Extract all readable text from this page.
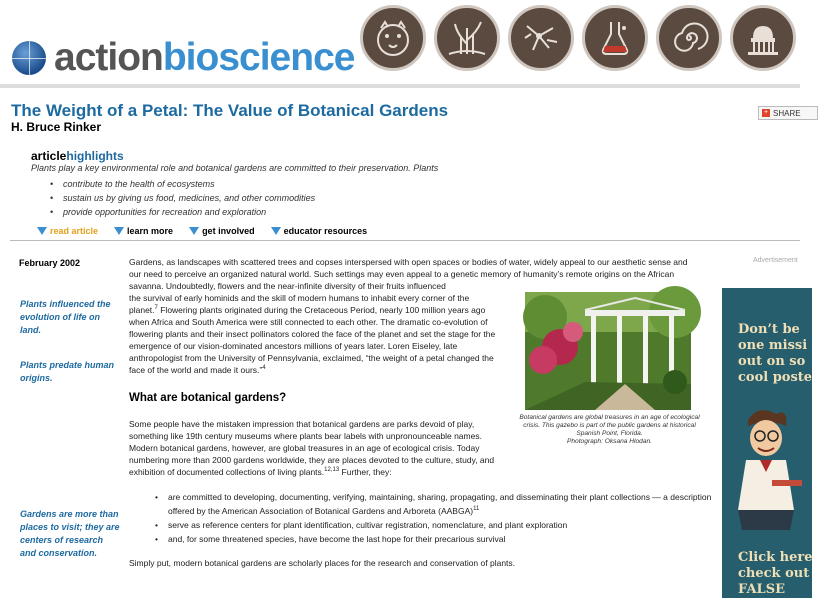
actionbioscience
The Weight of a Petal: The Value of Botanical Gardens
H. Bruce Rinker
+ SHARE
articlehighlights
Plants play a key environmental role and botanical gardens are committed to their preservation. Plants
• contribute to the health of ecosystems
• sustain us by giving us food, medicines, and other commodities
• provide opportunities for recreation and exploration
read article	learn more	get involved	educator resources
February 2002
Plants influenced the evolution of life on land.
Plants predate human origins.
Gardens are more than places to visit; they are centers of research and conservation.
Gardens, as landscapes with scattered trees and copses interspersed with open spaces or bodies of water, widely appeal to our aesthetic sense and our need to perceive an organized natural world. Such settings may even appeal to a genetic memory of humanity’s remote origins on the African savanna. Undoubtedly, flowers and the near-infinite diversity of their fruits influenced
the survival of early hominids and the skill of modern humans to inhabit every corner of the planet.$^7$ Flowering plants originated during the Cretaceous Period, nearly 100 million years ago when Africa and South America were still connected to each other. The dramatic co-evolution of flowering plants and their insect pollinators colored the face of the planet and set the stage for the emergence of our vision-dominated ancestors millions of years later. Loren Eiseley, late anthropologist from the University of Pennsylvania, exclaimed, “the weight of a petal changed the face of the world and made it ours.”$^4$
Botanical gardens are global treasures in an age of ecological crisis. This gazebo is part of the public gardens at historical Spanish Point, Florida.
Photograph: Oksana Hlodan.
What are botanical gardens?
Some people have the mistaken impression that botanical gardens are parks devoid of play, something like 19th century museums where plants bear labels with unpronounceable names. Modern botanical gardens, however, are global treasures in an age of ecological crisis. Today numbering more than 2000 gardens worldwide, they are places devoted to the culture, study, and exhibition of documented collections of living plants.$^{12,13}$ Further, they:
• are committed to developing, documenting, verifying, maintaining, sharing, propagating, and disseminating their plant collections — a description offered by the American Association of Botanical Gardens and Arboreta (AABGA)$^{11}$
• serve as reference centers for plant identification, cultivar registration, nomenclature, and plant exploration
• and, for some threatened species, have become the last hope for their precarious survival
Simply put, modern botanical gardens are scholarly places for the research and conservation of plants.
Advertisement
Don’t be
one missi
out on so
cool poste
Click here
check out
FALSE
